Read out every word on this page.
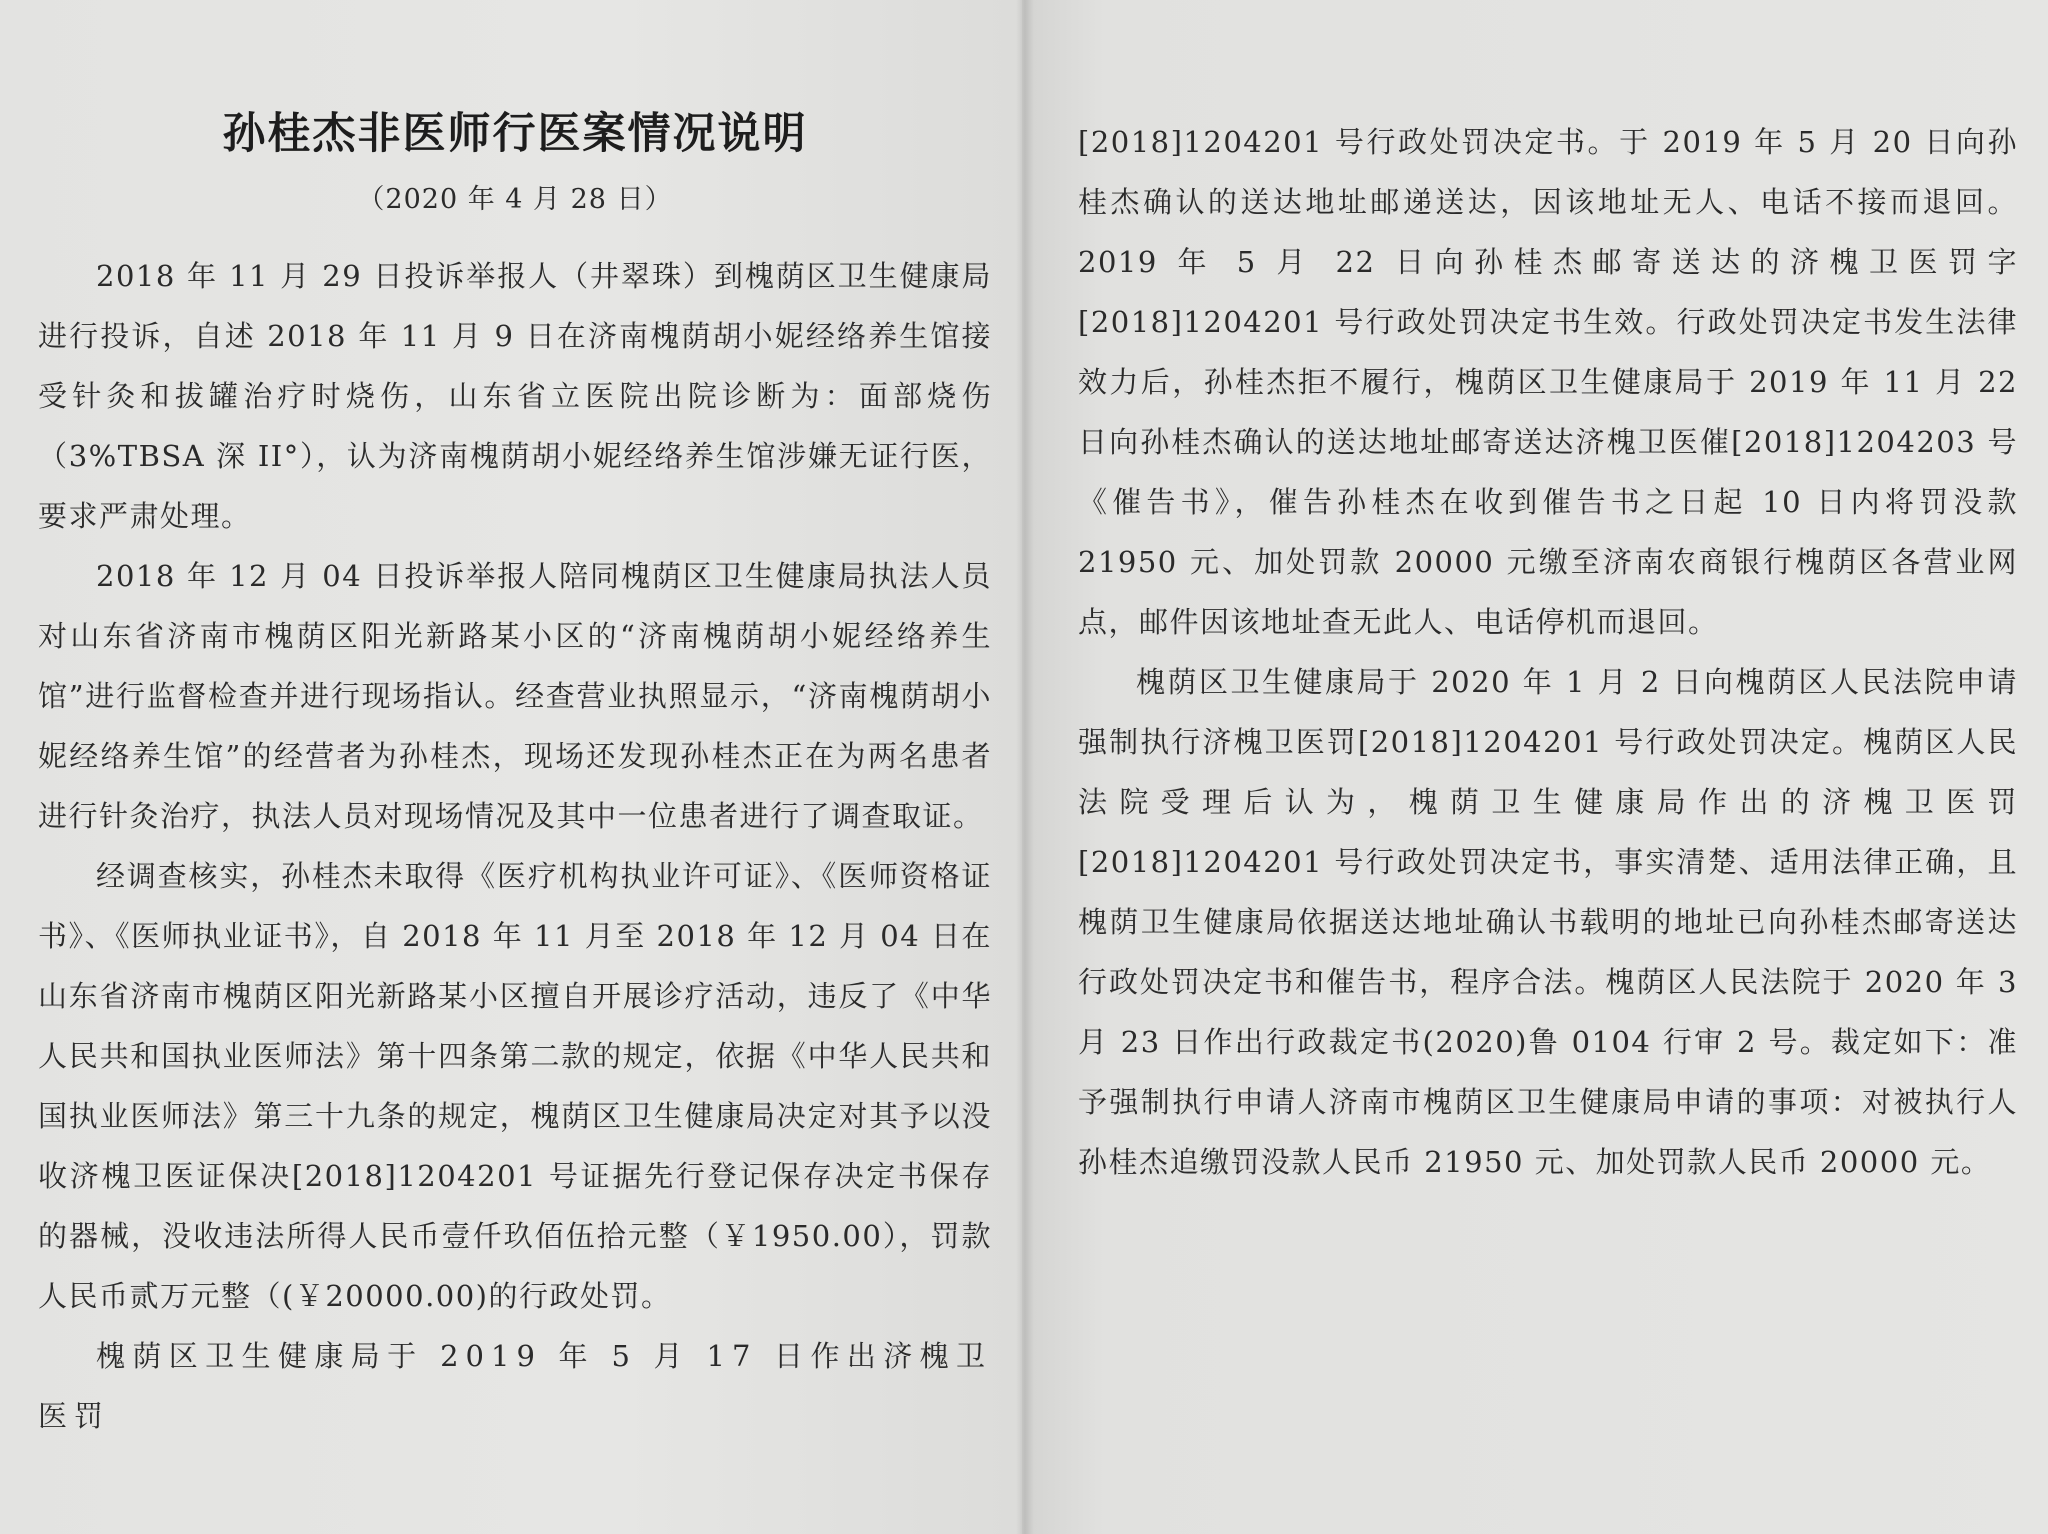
孙桂杰非医师行医案情况说明
（2020 年 4 月 28 日）

2018 年 11 月 29 日投诉举报人（井翠珠）到槐荫区卫生健康局进行投诉，自述 2018 年 11 月 9 日在济南槐荫胡小妮经络养生馆接受针灸和拔罐治疗时烧伤，山东省立医院出院诊断为：面部烧伤（3%TBSA 深 II°），认为济南槐荫胡小妮经络养生馆涉嫌无证行医，要求严肃处理。

2018 年 12 月 04 日投诉举报人陪同槐荫区卫生健康局执法人员对山东省济南市槐荫区阳光新路某小区的“济南槐荫胡小妮经络养生馆”进行监督检查并进行现场指认。经查营业执照显示，“济南槐荫胡小妮经络养生馆”的经营者为孙桂杰，现场还发现孙桂杰正在为两名患者进行针灸治疗，执法人员对现场情况及其中一位患者进行了调查取证。

经调查核实，孙桂杰未取得《医疗机构执业许可证》、《医师资格证书》、《医师执业证书》，自 2018 年 11 月至 2018 年 12 月 04 日在山东省济南市槐荫区阳光新路某小区擅自开展诊疗活动，违反了《中华人民共和国执业医师法》第十四条第二款的规定，依据《中华人民共和国执业医师法》第三十九条的规定，槐荫区卫生健康局决定对其予以没收济槐卫医证保决[2018]1204201 号证据先行登记保存决定书保存的器械，没收违法所得人民币壹仟玖佰伍拾元整（￥1950.00），罚款人民币贰万元整（(￥20000.00)的行政处罚。

槐荫区卫生健康局于 2019 年 5 月 17 日作出济槐卫医罚

[2018]1204201 号行政处罚决定书。于 2019 年 5 月 20 日向孙桂杰确认的送达地址邮递送达，因该地址无人、电话不接而退回。2019 年 5 月 22 日向孙桂杰邮寄送达的济槐卫医罚字[2018]1204201 号行政处罚决定书生效。行政处罚决定书发生法律效力后，孙桂杰拒不履行，槐荫区卫生健康局于 2019 年 11 月 22 日向孙桂杰确认的送达地址邮寄送达济槐卫医催[2018]1204203 号《催告书》，催告孙桂杰在收到催告书之日起 10 日内将罚没款 21950 元、加处罚款 20000 元缴至济南农商银行槐荫区各营业网点，邮件因该地址查无此人、电话停机而退回。

槐荫区卫生健康局于 2020 年 1 月 2 日向槐荫区人民法院申请强制执行济槐卫医罚[2018]1204201 号行政处罚决定。槐荫区人民法院受理后认为，槐荫卫生健康局作出的济槐卫医罚[2018]1204201 号行政处罚决定书，事实清楚、适用法律正确，且槐荫卫生健康局依据送达地址确认书载明的地址已向孙桂杰邮寄送达行政处罚决定书和催告书，程序合法。槐荫区人民法院于 2020 年 3 月 23 日作出行政裁定书(2020)鲁 0104 行审 2 号。裁定如下：准予强制执行申请人济南市槐荫区卫生健康局申请的事项：对被执行人孙桂杰追缴罚没款人民币 21950 元、加处罚款人民币 20000 元。
